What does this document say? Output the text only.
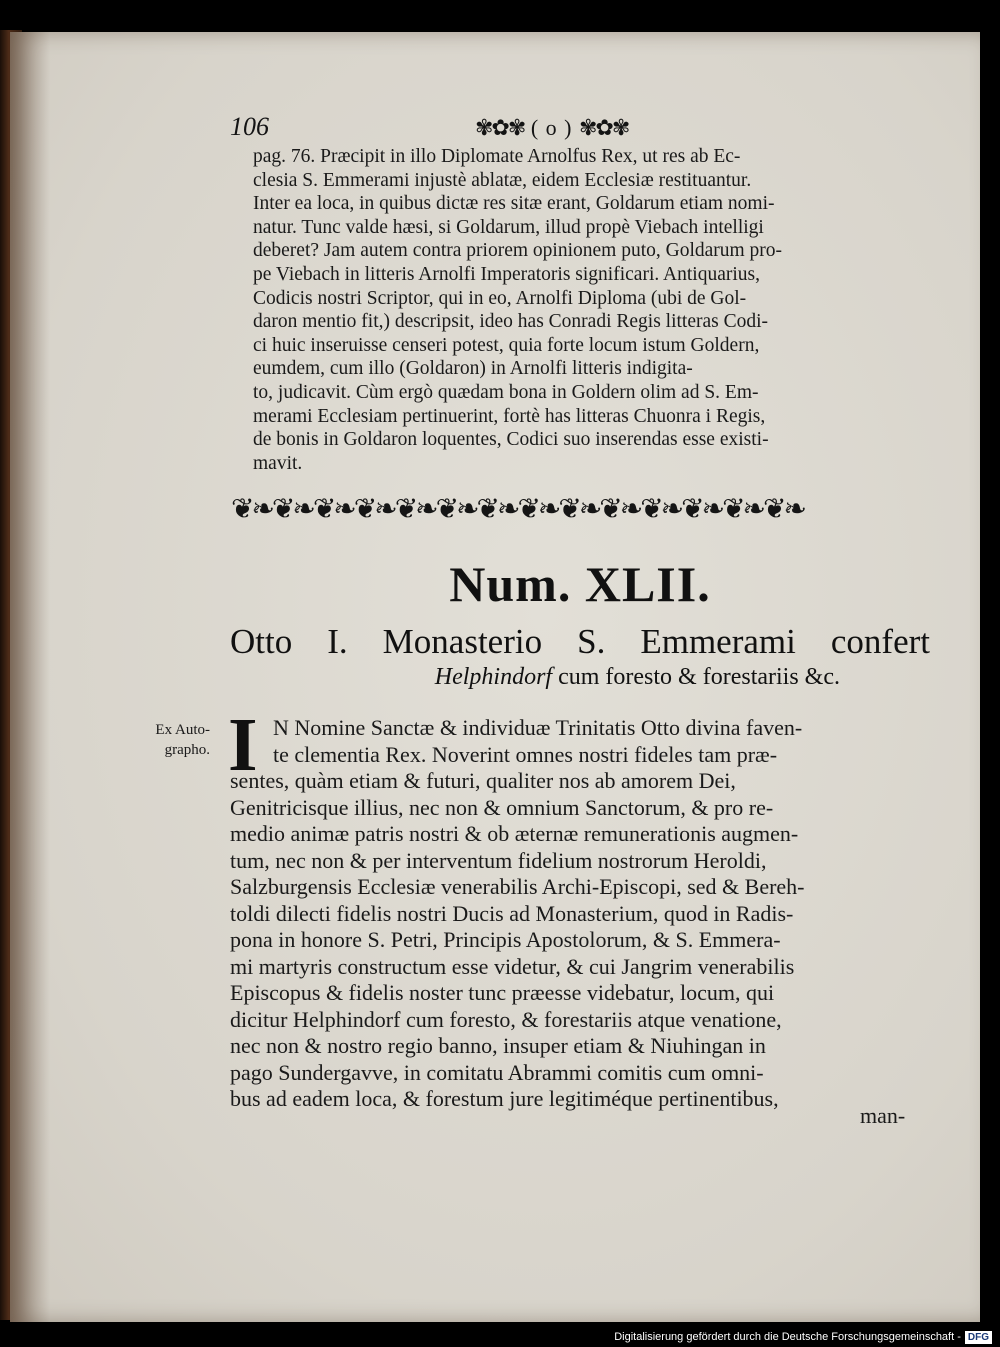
106	✾✿✾ ( o ) ✾✿✾
pag. 76. Præcipit in illo Diplomate Arnolfus Rex, ut res ab Ec-
clesia S. Emmerami injustè ablatæ, eidem Ecclesiæ restituantur.
Inter ea loca, in quibus dictæ res sitæ erant, Goldarum etiam nomi-
natur. Tunc valde hæsi, si Goldarum, illud propè Viebach intelligi
deberet? Jam autem contra priorem opinionem puto, Goldarum pro-
pe Viebach in litteris Arnolfi Imperatoris significari. Antiquarius,
Codicis nostri Scriptor, qui in eo, Arnolfi Diploma (ubi de Gol-
daron mentio fit,) descripsit, ideo has Conradi Regis litteras Codi-
ci huic inseruisse censeri potest, quia forte locum istum Goldern,
eumdem, cum illo (Goldaron) in Arnolfi litteris indigita-
to, judicavit. Cùm ergò quædam bona in Goldern olim ad S. Em-
merami Ecclesiam pertinuerint, fortè has litteras Chuonra i Regis,
de bonis in Goldaron loquentes, Codici suo inserendas esse existi-
mavit.
❦❧❦❧❦❧❦❧❦❧❦❧❦❧❦❧❦❧❦❧❦❧❦❧❦❧❦❧
Num. XLII.
Otto I. Monasterio S. Emmerami confert
Helphindorf cum foresto & forestariis &c.
Ex Auto-grapho. I N Nomine Sanctæ & individuæ Trinitatis Otto divina faven-
te clementia Rex. Noverint omnes nostri fideles tam præ-
sentes, quàm etiam & futuri, qualiter nos ab amorem Dei,
Genitricisque illius, nec non & omnium Sanctorum, & pro re-
medio animæ patris nostri & ob æternæ remunerationis augmen-
tum, nec non & per interventum fidelium nostrorum Heroldi,
Salzburgensis Ecclesiæ venerabilis Archi-Episcopi, sed & Bereh-
toldi dilecti fidelis nostri Ducis ad Monasterium, quod in Radis-
pona in honore S. Petri, Principis Apostolorum, & S. Emmera-
mi martyris constructum esse videtur, & cui Jangrim venerabilis
Episcopus & fidelis noster tunc præesse videbatur, locum, qui
dicitur Helphindorf cum foresto, & forestariis atque venatione,
nec non & nostro regio banno, insuper etiam & Niuhingan in
pago Sundergavve, in comitatu Abrammi comitis cum omni-
bus ad eadem loca, & forestum jure legitiméque pertinentibus,
man-
Digitalisierung gefördert durch die Deutsche Forschungsgemeinschaft - DFG
